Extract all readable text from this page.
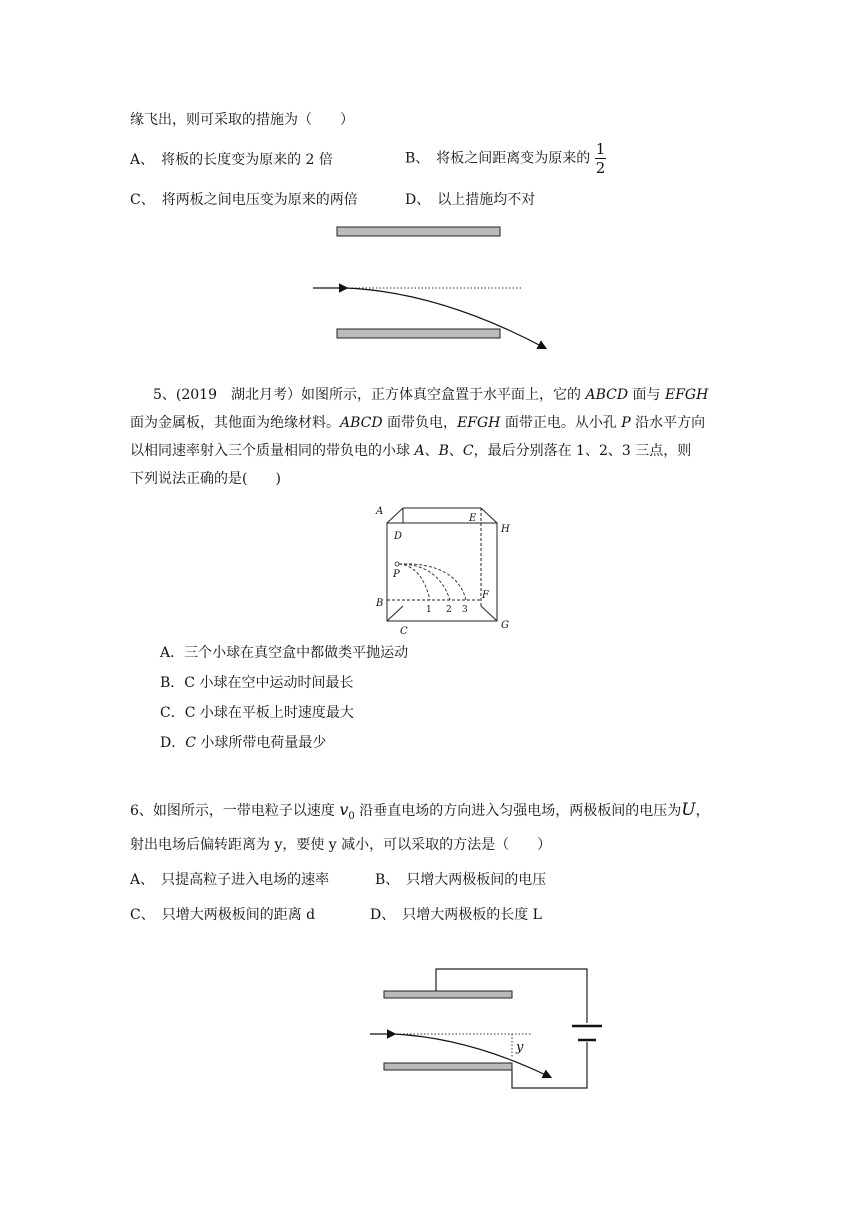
缘飞出，则可采取的措施为（　　）
A、　将板的长度变为原来的 2 倍	B、　将板之间距离变为原来的 $\frac{1}{2}$
C、　将两板之间电压变为原来的两倍	D、　以上措施均不对
5、(2019　湖北月考）如图所示，正方体真空盒置于水平面上，它的 ABCD 面与 EFGH
面为金属板，其他面为绝缘材料。ABCD 面带负电，EFGH 面带正电。从小孔 P 沿水平方向
以相同速率射入三个质量相同的带负电的小球 A、B、C，最后分别落在 1、2、3 三点，则
下列说法正确的是(　　)
A
D
P
B
C
E
H
F
G
1 2 3
A．三个小球在真空盒中都做类平抛运动
B．C 小球在空中运动时间最长
C．C 小球在平板上时速度最大
D．C 小球所带电荷量最少
6、如图所示，一带电粒子以速度 $v_0$ 沿垂直电场的方向进入匀强电场，两极板间的电压为U，
射出电场后偏转距离为 y，要使 y 减小，可以采取的方法是（　　）
A、　只提高粒子进入电场的速率	B、　只增大两极板间的电压
C、　只增大两极板间的距离 d	D、　只增大两极板的长度 L
y
